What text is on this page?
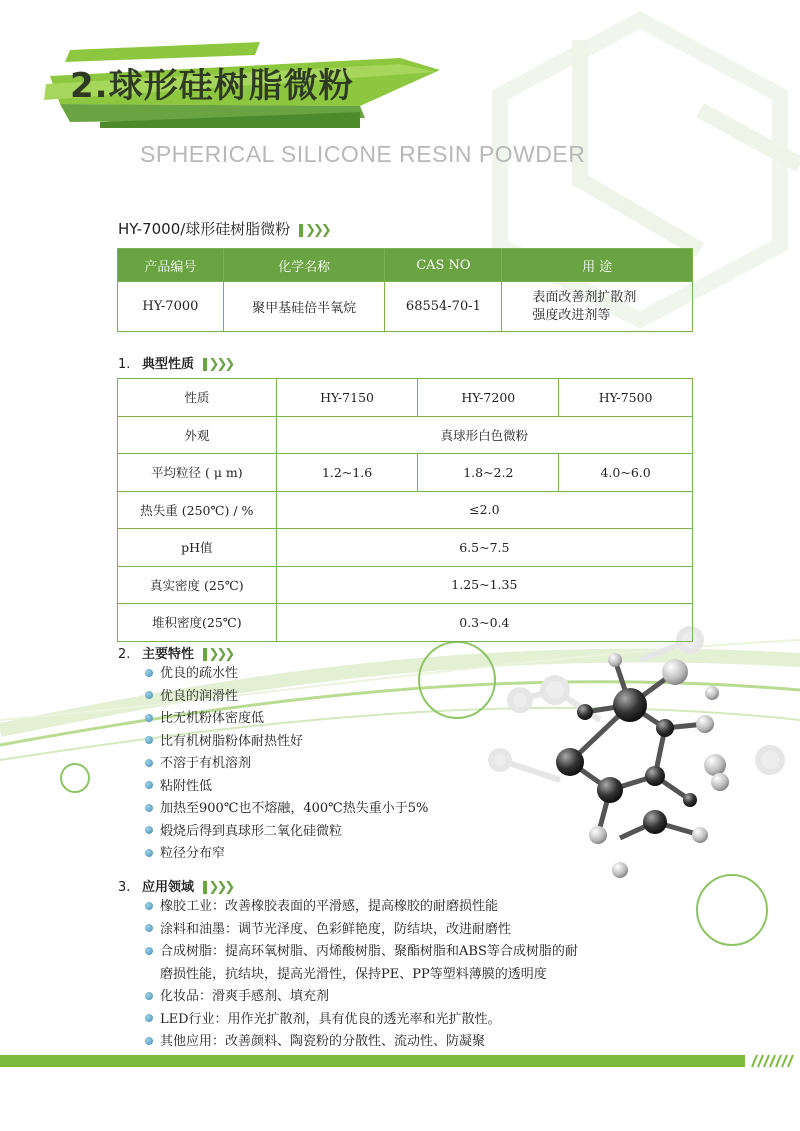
2.球形硅树脂微粉
SPHERICAL SILICONE RESIN POWDER
HY-7000/球形硅树脂微粉 ❯❯❯
产品编号	化学名称	CAS NO	用 途
HY-7000	聚甲基硅倍半氧烷	68554-70-1	表面改善剂扩散剂
强度改进剂等
1. 典型性质 ❯❯❯
性质	HY-7150	HY-7200	HY-7500
外观	真球形白色微粉		
平均粒径 ( μ m)	1.2~1.6	1.8~2.2	4.0~6.0
热失重 (250℃) / %	≤2.0		
pH值	6.5~7.5		
真实密度 (25℃)	1.25~1.35		
堆积密度(25℃)	0.3~0.4		
2. 主要特性 ❯❯❯
优良的疏水性
优良的润滑性
比无机粉体密度低
比有机树脂粉体耐热性好
不溶于有机溶剂
粘附性低
加热至900℃也不熔融，400℃热失重小于5%
煅烧后得到真球形二氧化硅微粒
粒径分布窄
3. 应用领域 ❯❯❯
橡胶工业：改善橡胶表面的平滑感，提高橡胶的耐磨损性能
涂料和油墨：调节光泽度、色彩鲜艳度，防结块，改进耐磨性
合成树脂：提高环氧树脂、丙烯酸树脂、聚酯树脂和ABS等合成树脂的耐
磨损性能，抗结块，提高光滑性，保持PE、PP等塑料薄膜的透明度
化妆品：滑爽手感剂、填充剂
LED行业：用作光扩散剂，具有优良的透光率和光扩散性。
其他应用：改善颜料、陶瓷粉的分散性、流动性、防凝聚
